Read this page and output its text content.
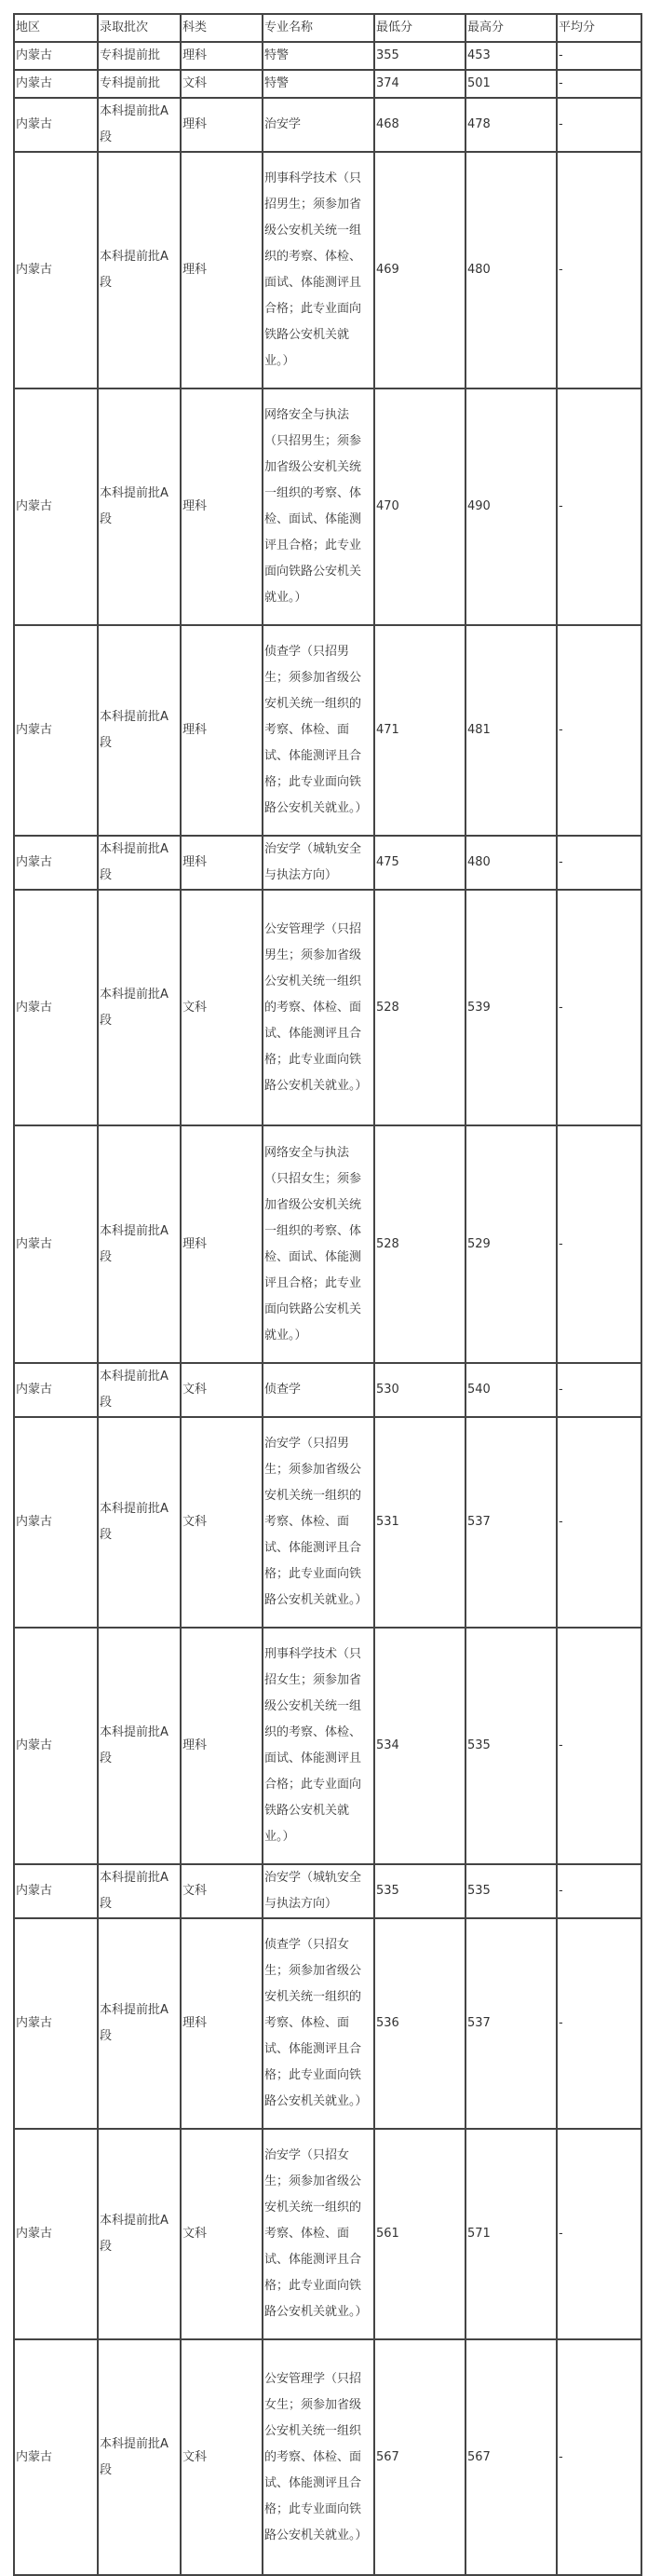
地区	录取批次	科类	专业名称	最低分	最高分	平均分
内蒙古	专科提前批	理科	特警	355	453	-
内蒙古	专科提前批	文科	特警	374	501	-
内蒙古	本科提前批A段	理科	治安学	468	478	-
内蒙古	本科提前批A段	理科	刑事科学技术（只招男生；须参加省级公安机关统一组织的考察、体检、面试、体能测评且合格；此专业面向铁路公安机关就业。）	469	480	-
内蒙古	本科提前批A段	理科	网络安全与执法（只招男生；须参加省级公安机关统一组织的考察、体检、面试、体能测评且合格；此专业面向铁路公安机关就业。）	470	490	-
内蒙古	本科提前批A段	理科	侦查学（只招男生；须参加省级公安机关统一组织的考察、体检、面试、体能测评且合格；此专业面向铁路公安机关就业。）	471	481	-
内蒙古	本科提前批A段	理科	治安学（城轨安全与执法方向）	475	480	-
内蒙古	本科提前批A段	文科	公安管理学（只招男生；须参加省级公安机关统一组织的考察、体检、面试、体能测评且合格；此专业面向铁路公安机关就业。）	528	539	-
内蒙古	本科提前批A段	理科	网络安全与执法（只招女生；须参加省级公安机关统一组织的考察、体检、面试、体能测评且合格；此专业面向铁路公安机关就业。）	528	529	-
内蒙古	本科提前批A段	文科	侦查学	530	540	-
内蒙古	本科提前批A段	文科	治安学（只招男生；须参加省级公安机关统一组织的考察、体检、面试、体能测评且合格；此专业面向铁路公安机关就业。）	531	537	-
内蒙古	本科提前批A段	理科	刑事科学技术（只招女生；须参加省级公安机关统一组织的考察、体检、面试、体能测评且合格；此专业面向铁路公安机关就业。）	534	535	-
内蒙古	本科提前批A段	文科	治安学（城轨安全与执法方向）	535	535	-
内蒙古	本科提前批A段	理科	侦查学（只招女生；须参加省级公安机关统一组织的考察、体检、面试、体能测评且合格；此专业面向铁路公安机关就业。）	536	537	-
内蒙古	本科提前批A段	文科	治安学（只招女生；须参加省级公安机关统一组织的考察、体检、面试、体能测评且合格；此专业面向铁路公安机关就业。）	561	571	-
内蒙古	本科提前批A段	文科	公安管理学（只招女生；须参加省级公安机关统一组织的考察、体检、面试、体能测评且合格；此专业面向铁路公安机关就业。）	567	567	-
